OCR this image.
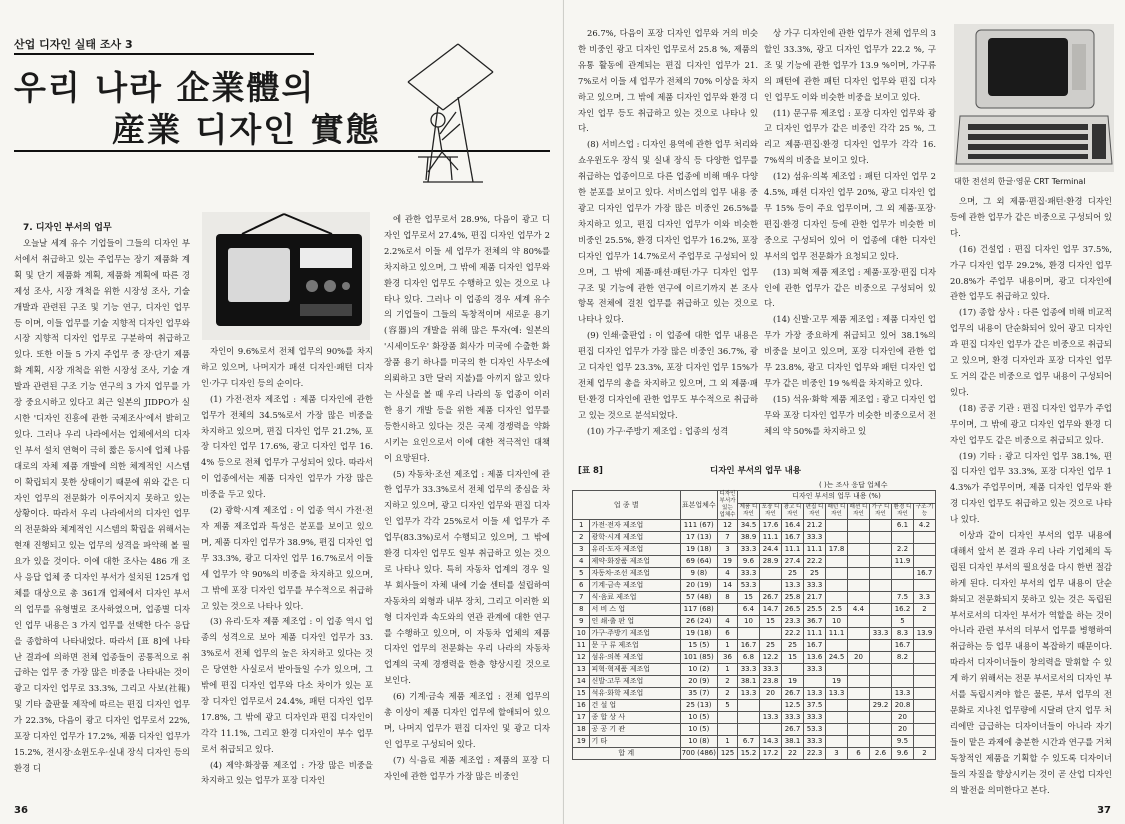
산업 디자인 실태 조사 3
우리 나라 企業體의
産業 디자인 實態

7. 디자인 부서의 업무

오늘날 세계 유수 기업들이 그들의 디자인 부서에서 취급하고 있는 주업무는 장기 제품화 계획 및 단기 제품화 계획, 제품화 계획에 따른 경제성 조사, 시장 개척을 위한 시장성 조사, 기술 개발과 관련된 구조 및 기능 연구, 디자인 업무 등 이며, 이들 업무를 기술 지향적 디자인 업무와 시장 지향적 디자인 업무로 구분하여 취급하고 있다. 또한 이들 5 가지 주업무 중 장·단기 제품화 계획, 시장 개척을 위한 시장성 조사, 기술 개발과 관련된 구조 기능 연구의 3 가지 업무를 가장 중요시하고 있다고 최근 일본의 JIDPO가 실시한 '디자인 진흥에 관한 국제조사'에서 밝히고 있다. 그러나 우리 나라에서는 업체에서의 디자인 부서 설치 연혁이 극히 짧은 동시에 업체 나름대로의 자체 제품 개발에 의한 체계적인 시스템이 확립되지 못한 상태이기 때문에 위와 같은 디자인 업무의 전문화가 이루어지지 못하고 있는 상황이다. 따라서 우리 나라에서의 디자인 업무의 전문화와 체계적인 시스템의 확립을 위해서는 현재 진행되고 있는 업무의 성격을 파악해 볼 필요가 있을 것이다. 이에 대한 조사는 486 개 조사 응답 업체 중 디자인 부서가 설치된 125개 업체를 대상으로 총 361개 업체에서 디자인 부서의 업무를 유형별로 조사하였으며, 업종별 디자인 업무 내용은 3 가지 업무를 선택한 다수 응답을 종합하여 나타내었다. 따라서 [표 8]에 나타난 결과에 의하면 전체 업종들이 공통적으로 취급하는 업무 중 가장 많은 비중을 나타내는 것이 광고 디자인 업무로 33.3%, 그리고 사보(社報) 및 기타 출판물 제작에 따르는 편집 디자인 업무가 22.3%, 다음이 광고 디자인 업무로서 22%, 포장 디자인 업무가 17.2%, 제품 디자인 업무가 15.2%, 전시장·쇼윈도우·실내 장식 디자인 등의 환경 디

자인이 9.6%로서 전체 업무의 90%를 차지하고 있으며, 나머지가 패션 디자인·패턴 디자인·가구 디자인 등의 순이다.

(1) 가전·전자 제조업 : 제품 디자인에 관한 업무가 전체의 34.5%로서 가장 많은 비중을 차지하고 있으며, 편집 디자인 업무 21.2%, 포장 디자인 업무 17.6%, 광고 디자인 업무 16.4% 등으로 전체 업무가 구성되어 있다. 따라서 이 업종에서는 제품 디자인 업무가 가장 많은 비중을 두고 있다.

(2) 광학·시계 제조업 : 이 업종 역시 가전·전자 제품 제조업과 특성은 분포를 보이고 있으며, 제품 디자인 업무가 38.9%, 편집 디자인 업무 33.3%, 광고 디자인 업무 16.7%로서 이들 세 업무가 약 90%의 비중을 차지하고 있으며, 그 밖에 포장 디자인 업무를 부수적으로 취급하고 있는 것으로 나타나 있다.

(3) 유리·도자 제품 제조업 : 이 업종 역시 업종의 성격으로 보아 제품 디자인 업무가 33.3%로서 전체 업무의 높은 차지하고 있다는 것은 당연한 사실로서 받아들일 수가 있으며, 그 밖에 편집 디자인 업무와 다소 차이가 있는 포장 디자인 업무로서 24.4%, 패턴 디자인 업무 17.8%, 그 밖에 광고 디자인과 편집 디자인이 각각 11.1%, 그리고 환경 디자인이 부수 업무로서 취급되고 있다.

(4) 제약·화장품 제조업 : 가장 많은 비중을 차지하고 있는 업무가 포장 디자인

에 관한 업무로서 28.9%, 다음이 광고 디자인 업무로서 27.4%, 편집 디자인 업무가 22.2%로서 이들 세 업무가 전체의 약 80%를 차지하고 있으며, 그 밖에 제품 디자인 업무와 환경 디자인 업무도 수행하고 있는 것으로 나타나 있다. 그러나 이 업종의 경우 세계 유수의 기업들이 그들의 독창적이며 새로운 용기(容器)의 개발을 위해 많은 투자(예: 일본의 '시세이도우' 화장품 회사가 미국에 수출한 화장품 용기 하나를 미국의 한 디자인 사무소에 의뢰하고 3만 달러 지불)를 아끼지 않고 있다는 사실을 볼 때 우리 나라의 동 업종이 이러한 용기 개발 등을 위한 제품 디자인 업무를 등한시하고 있다는 것은 국제 경쟁력을 약화시키는 요인으로서 이에 대한 적극적인 대책이 요망된다.

(5) 자동차·조선 제조업 : 제품 디자인에 관한 업무가 33.3%로서 전체 업무의 중심을 차지하고 있으며, 광고 디자인 업무와 편집 디자인 업무가 각각 25%로서 이들 세 업무가 주업무(83.3%)로서 수행되고 있으며, 그 밖에 환경 디자인 업무도 일부 취급하고 있는 것으로 나타나 있다. 특히 자동차 업계의 경우 일부 회사들이 자체 내에 기술 센터를 설립하여 자동차의 외형과 내부 장치, 그리고 이러한 외형 디자인과 속도와의 연관 관계에 대한 연구를 수행하고 있으며, 이 자동차 업체의 제품 디자인 업무의 전문화는 우리 나라의 자동차 업계의 국제 경쟁력을 한층 향상시킬 것으로 보인다.

(6) 기계·금속 제품 제조업 : 전체 업무의 총 이상이 제품 디자인 업무에 할애되어 있으며, 나머지 업무가 편집 디자인 및 광고 디자인 업무로 구성되어 있다.

(7) 식·음료 제품 제조업 : 제품의 포장 디자인에 관한 업무가 가장 많은 비중인

36

26.7%, 다음이 포장 디자인 업무와 거의 비슷한 비중인 광고 디자인 업무로서 25.8 %, 제품의 유통 활동에 관계되는 편집 디자인 업무가 21.7%로서 이들 세 업무가 전체의 70% 이상을 차지하고 있으며, 그 밖에 제품 디자인 업무와 환경 디자인 업무 등도 취급하고 있는 것으로 나타나 있다.

(8) 서비스업 : 디자인 용역에 관한 업무 처리와 쇼우윈도우 장식 및 실내 장식 등 다양한 업무를 취급하는 업종이므로 다른 업종에 비해 매우 다양한 분포를 보이고 있다. 서비스업의 업무 내용 중 광고 디자인 업무가 가장 많은 비중인 26.5%를 차지하고 있고, 편집 디자인 업무가 이와 비슷한 비중인 25.5%, 환경 디자인 업무가 16.2%, 포장 디자인 업무가 14.7%로서 주업무로 구성되어 있으며, 그 밖에 제품·패션·패턴·가구 디자인 업무 구조 및 기능에 관한 연구에 이르기까지 본 조사 항목 전체에 걸친 업무를 취급하고 있는 것으로 나타나 있다.

(9) 인쇄·출판업 : 이 업종에 대한 업무 내용은 편집 디자인 업무가 가장 많은 비중인 36.7%, 광고 디자인 업무 23.3%, 포장 디자인 업무 15%가 전체 업무의 총을 차지하고 있으며, 그 외 제품·패턴·환경 디자인에 관한 업무도 부수적으로 취급하고 있는 것으로 분석되었다.

(10) 가구·주방기 제조업 : 업종의 성격

상 가구 디자인에 관한 업무가 전체 업무의 3할인 33.3%, 광고 디자인 업무가 22.2 %, 구조 및 기능에 관한 업무가 13.9 %이며, 가구류의 패턴에 관한 패턴 디자인 업무와 편집 디자인 업무도 이와 비슷한 비중을 보이고 있다.

(11) 문구류 제조업 : 포장 디자인 업무와 광고 디자인 업무가 같은 비중인 각각 25 %, 그리고 제품·편집·환경 디자인 업무가 각각 16.7%씩의 비중을 보이고 있다.

(12) 섬유·의복 제조업 : 패턴 디자인 업무 24.5%, 패션 디자인 업무 20%, 광고 디자인 업무 15% 등이 주요 업무이며, 그 외 제품·포장·편집·환경 디자인 등에 관한 업무가 비슷한 비중으로 구성되어 있어 이 업종에 대한 디자인 부서의 업무 전문화가 요청되고 있다.

(13) 피혁 제품 제조업 : 제품·포장·편집 디자인에 관한 업무가 같은 비중으로 구성되어 있다.

(14) 신발·고무 제품 제조업 : 제품 디자인 업무가 가장 중요하게 취급되고 있어 38.1%의 비중을 보이고 있으며, 포장 디자인에 관한 업무 23.8%, 광고 디자인 업무와 패턴 디자인 업무가 같은 비중인 19 %씩을 차지하고 있다.

(15) 석유·화학 제품 제조업 : 광고 디자인 업무와 포장 디자인 업무가 비슷한 비중으로서 전체의 약 50%를 차지하고 있

대한 전선의 한글·영문 CRT Terminal

으며, 그 외 제품·편집·패턴·환경 디자인 등에 관한 업무가 같은 비중으로 구성되어 있다.

(16) 건설업 : 편집 디자인 업무 37.5%, 가구 디자인 업무 29.2%, 환경 디자인 업무 20.8%가 주업무 내용이며, 광고 디자인에 관한 업무도 취급하고 있다.

(17) 종합 상사 : 다른 업종에 비해 비교적 업무의 내용이 단순화되어 있어 광고 디자인과 편집 디자인 업무가 같은 비중으로 취급되고 있으며, 환경 디자인과 포장 디자인 업무도 거의 같은 비중으로 업무 내용이 구성되어 있다.

(18) 공공 기관 : 편집 디자인 업무가 주업무이며, 그 밖에 광고 디자인 업무와 환경 디자인 업무도 같은 비중으로 취급되고 있다.

(19) 기타 : 광고 디자인 업무 38.1%, 편집 디자인 업무 33.3%, 포장 디자인 업무 14.3%가 주업무이며, 제품 디자인 업무와 환경 디자인 업무도 취급하고 있는 것으로 나타나 있다.

이상과 같이 디자인 부서의 업무 내용에 대해서 앞서 본 결과 우리 나라 기업체의 독립된 디자인 부서의 필요성을 다시 한번 절감하게 된다. 디자인 부서의 업무 내용이 단순화되고 전문화되지 못하고 있는 것은 독립된 부서로서의 디자인 부서가 역할을 하는 것이 아니라 관련 부서의 더부서 업무를 병행하여 취급하는 등 업무 내용이 복잡하기 때문이다. 따라서 디자이너들이 창의력을 말휘할 수 있게 하기 위해서는 전문 부서로서의 디자인 부서를 독립시켜야 할은 물론, 부서 업무의 전문화로 지나친 업무량에 시달려 단지 업무 처리에만 급급하는 디자이너들이 아니라 자기들이 맡은 과제에 충분한 시간과 연구를 거쳐 독창적인 제품을 기획할 수 있도록 디자이너들의 자질을 향상시키는 것이 곧 산업 디자인의 발전을 의미한다고 본다.

[표 8]	디자인 부서의 업무 내용
( )는 조사 응답 업체수
업 종 별		표본업체수	디자인 부서가 있는 업체수	디자인 부서의 업무 내용 (%)								
				제품 디자인	포장 디자인	광고 디자인	편집 디자인	패턴 디자인	패션 디자인	가구 디자인	환경 디자인	구조·기능
1	가전·전자 제조업	111 (67)	12	34.5	17.6	16.4	21.2				6.1	4.2
2	광학·시계 제조업	17 (13)	7	38.9	11.1	16.7	33.3					
3	유리·도자 제조업	19 (18)	3	33.3	24.4	11.1	11.1	17.8			2.2	
4	제약·화장품 제조업	69 (64)	19	9.6	28.9	27.4	22.2				11.9	
5	자동차·조선 제조업	9 (8)	4	33.3		25	25					16.7
6	기계·금속 제조업	20 (19)	14	53.3		13.3	33.3					
7	식·음료 제조업	57 (48)	8	15	26.7	25.8	21.7				7.5	3.3
8	서 비 스 업	117 (68)		6.4	14.7	26.5	25.5	2.5	4.4		16.2	2
9	인 쇄·출 판 업	26 (24)	4	10	15	23.3	36.7	10			5	
10	가구·주방기 제조업	19 (18)	6			22.2	11.1	11.1		33.3	8.3	13.9
11	문 구 류 제조업	15 (5)	1	16.7	25	25	16.7				16.7	
12	섬유·의복 제조업	101 (85)	36	6.8	12.2	15	13.6	24.5	20		8.2	
13	피혁·혁제품 제조업	10 (2)	1	33.3	33.3		33.3					
14	신발·고무 제조업	20 (9)	2	38.1	23.8	19		19				
15	석유·화학 제조업	35 (7)	2	13.3	20	26.7	13.3	13.3			13.3	
16	건 설 업	25 (13)	5			12.5	37.5			29.2	20.8	
17	종 합 상 사	10 (5)			13.3	33.3	33.3				20	
18	공 공 기 관	10 (5)				26.7	53.3				20	
19	기 타	10 (8)	1	6.7	14.3	38.1	33.3				9.5	
합 계		700 (486)	125	15.2	17.2	22	22.3	3	6	2.6	9.6	2
37
